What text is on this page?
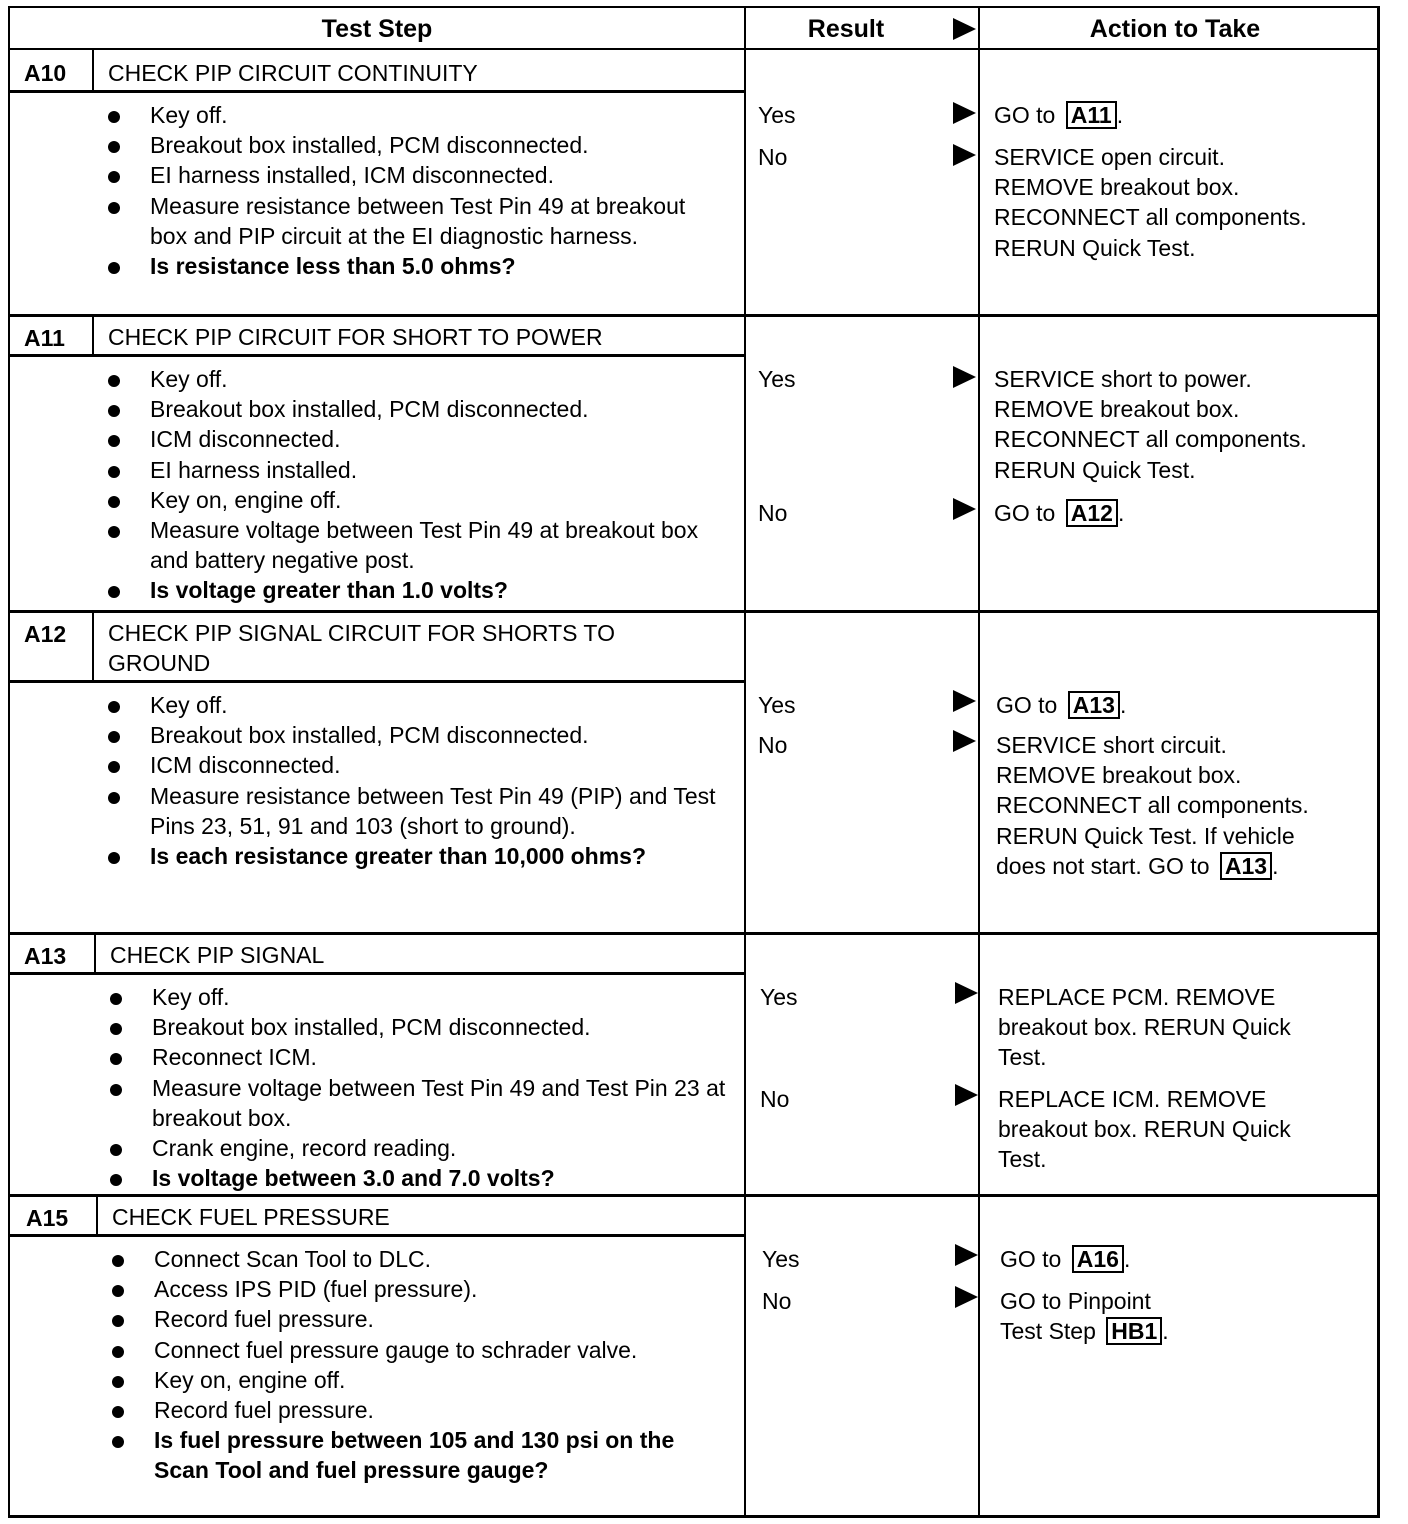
Test Step	Result	Action to Take
A10 CHECK PIP CIRCUIT CONTINUITY
Key off.
Breakout box installed, PCM disconnected.
EI harness installed, ICM disconnected.
Measure resistance between Test Pin 49 at breakout box and PIP circuit at the EI diagnostic harness.
Is resistance less than 5.0 ohms?
Yes	GO to A11 .
No	SERVICE open circuit.

REMOVE breakout box.

RECONNECT all components.

RERUN Quick Test.

A11 CHECK PIP CIRCUIT FOR SHORT TO POWER
Key off.
Breakout box installed, PCM disconnected.
ICM disconnected.
EI harness installed.
Key on, engine off.
Measure voltage between Test Pin 49 at breakout box and battery negative post.
Is voltage greater than 1.0 volts?
Yes	SERVICE short to power.

REMOVE breakout box.

RECONNECT all components.

RERUN Quick Test.

No	GO to A12 .
A12 CHECK PIP SIGNAL CIRCUIT FOR SHORTS TO GROUND
Key off.
Breakout box installed, PCM disconnected.
ICM disconnected.
Measure resistance between Test Pin 49 (PIP) and Test Pins 23, 51, 91 and 103 (short to ground).
Is each resistance greater than 10,000 ohms?
Yes	GO to A13 .
No	SERVICE short circuit.

REMOVE breakout box.

RECONNECT all components.

RERUN Quick Test. If vehicle

does not start. GO to A13 .

A13 CHECK PIP SIGNAL
Key off.
Breakout box installed, PCM disconnected.
Reconnect ICM.
Measure voltage between Test Pin 49 and Test Pin 23 at breakout box.
Crank engine, record reading.
Is voltage between 3.0 and 7.0 volts?
Yes	REPLACE PCM. REMOVE

breakout box. RERUN Quick

Test.

No	REPLACE ICM. REMOVE

breakout box. RERUN Quick

Test.

A15 CHECK FUEL PRESSURE
Connect Scan Tool to DLC.
Access IPS PID (fuel pressure).
Record fuel pressure.
Connect fuel pressure gauge to schrader valve.
Key on, engine off.
Record fuel pressure.
Is fuel pressure between 105 and 130 psi on the Scan Tool and fuel pressure gauge?
Yes	GO to A16 .
No	GO to Pinpoint

Test Step HB1 .
